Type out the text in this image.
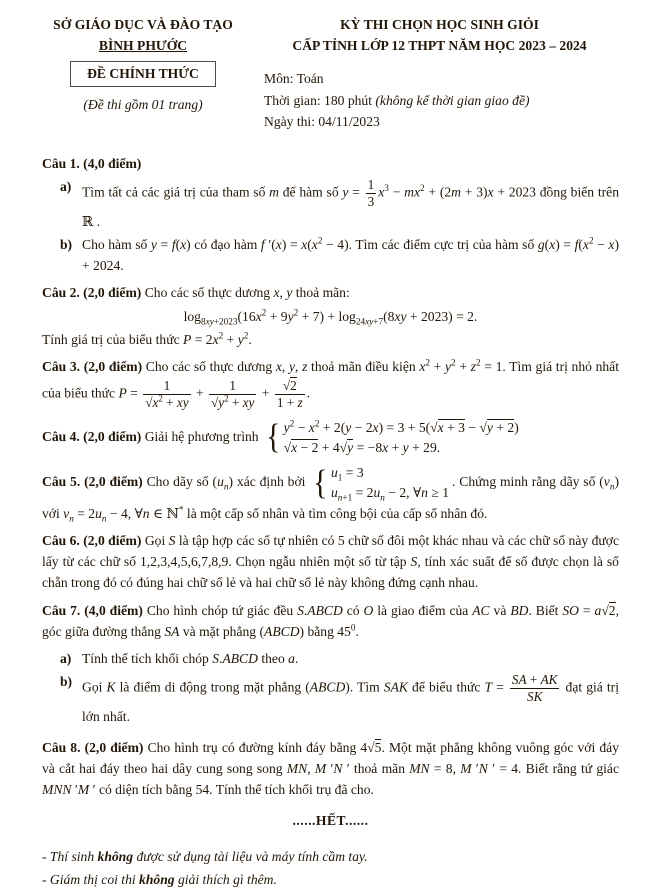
SỞ GIÁO DỤC VÀ ĐÀO TẠO
BÌNH PHƯỚC
ĐỀ CHÍNH THỨC
(Đề thi gồm 01 trang)
KỲ THI CHỌN HỌC SINH GIỎI
CẤP TỈNH LỚP 12 THPT NĂM HỌC 2023 – 2024
Môn: Toán
Thời gian: 180 phút (không kể thời gian giao đề)
Ngày thi: 04/11/2023
Câu 1. (4,0 điểm)
a) Tìm tất cả các giá trị của tham số m để hàm số $y = \frac{1}{3} x^3 - mx^2 + (2m + 3)x + 2023$ đồng biến trên ℝ .
b) Cho hàm số y = f(x) có đạo hàm f $'(x) = x(x^2 - 4)$. Tìm các điểm cực trị của hàm số $g(x) = f(x^2 - x) + 2024$.
Câu 2. (2,0 điểm) Cho các số thực dương x, y thoả mãn:
$\log_{8xy+2023}(16x^2 + 9y^2 + 7) + \log_{24xy+7}(8xy + 2023) = 2$.
Tính giá trị của biểu thức $P = 2x^2 + y^2$.
Câu 3. (2,0 điểm) Cho các số thực dương x, y, z thoả mãn điều kiện $x^2 + y^2 + z^2 = 1$. Tìm giá trị nhỏ nhất của biểu thức $P = \frac{1}{√x^2 + xy} + \frac{1}{√y^2 + xy} + \frac{√2}{1 + z}$ .
Câu 4. (2,0 điểm) Giải hệ phương trình { $y^2 - x^2 + 2(y - 2x) = 3 + 5(√x + 3 - √y + 2)$
√x − 2 + 4√y = −8x + y + 29.
Câu 5. (2,0 điểm) Cho dãy số $(u_n)$ xác định bởi { $u_1 = 3$
$u_{n+1} = 2u_n - 2$, ∀n ≥ 1
. Chứng minh rằng dãy số $(v_n)$ với $v_n = 2u_n - 4$, ∀n ∈ ℕ* là một cấp số nhân và tìm công bội của cấp số nhân đó.
Câu 6. (2,0 điểm) Gọi S là tập hợp các số tự nhiên có 5 chữ số đôi một khác nhau và các chữ số này được lấy từ các chữ số 1,2,3,4,5,6,7,8,9. Chọn ngẫu nhiên một số từ tập S, tính xác suất để số được chọn là số chẵn trong đó có đúng hai chữ số lẻ và hai chữ số lẻ này không đứng cạnh nhau.
Câu 7. (4,0 điểm) Cho hình chóp tứ giác đều S.ABCD có O là giao điểm của AC và BD. Biết SO = a√2, góc giữa đường thẳng SA và mặt phẳng (ABCD) bằng $45^0$.
a) Tính thể tích khối chóp S.ABCD theo a.
b) Gọi K là điểm di động trong mặt phẳng (ABCD). Tìm SAK để biểu thức $T = \frac{SA + AK}{SK}$ đạt giá trị lớn nhất.
Câu 8. (2,0 điểm) Cho hình trụ có đường kính đáy bằng 4√5. Một mặt phẳng không vuông góc với đáy và cắt hai đáy theo hai dây cung song song MN, M ′N ′ thoả mãn MN = 8, M ′N ′ = 4. Biết rằng tứ giác MNN ′M ′ có diện tích bằng 54. Tính thể tích khối trụ đã cho.
......HẾT......
- Thí sinh không được sử dụng tài liệu và máy tính cầm tay.
- Giám thị coi thi không giải thích gì thêm.
